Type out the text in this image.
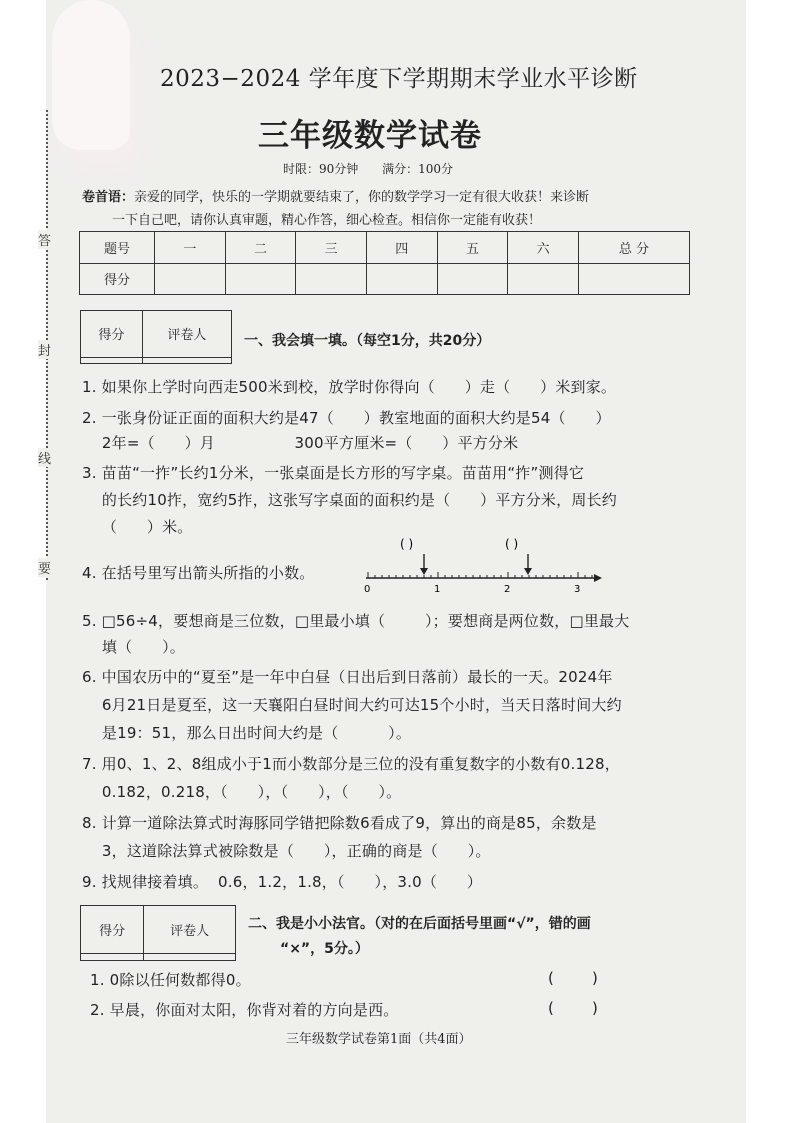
答
封
线
要
2023−2024 学年度下学期期末学业水平诊断
三年级数学试卷
时限：90分钟 满分：100分
卷首语：亲爱的同学，快乐的一学期就要结束了，你的数学学习一定有很大收获！来诊断
一下自己吧，请你认真审题，精心作答，细心检查。相信你一定能有收获！
题号	一	二	三	四	五	六	总 分
得分							
得分	评卷人
		一、我会填一填。（每空1分，共20分）
1. 如果你上学时向西走500米到校，放学时你得向（      ）走（      ）米到家。
2. 一张身份证正面的面积大约是47（      ）教室地面的面积大约是54（      ）
2年=（      ）月                300平方厘米=（      ）平方分米
3. 苗苗“一拃”长约1分米，一张桌面是长方形的写字桌。苗苗用“拃”测得它
的长约10拃，宽约5拃，这张写字桌面的面积约是（      ）平方分米，周长约
（      ）米。
4. 在括号里写出箭头所指的小数。
( )	( )
0	1	2	3
5. □56÷4，要想商是三位数，□里最小填（        ）；要想商是两位数，□里最大
填（      ）。
6. 中国农历中的“夏至”是一年中白昼（日出后到日落前）最长的一天。2024年
6月21日是夏至，这一天襄阳白昼时间大约可达15个小时，当天日落时间大约
是19：51，那么日出时间大约是（          ）。
7. 用0、1、2、8组成小于1而小数部分是三位的没有重复数字的小数有0.128，
0.182，0.218，（      ），（      ），（      ）。
8. 计算一道除法算式时海豚同学错把除数6看成了9，算出的商是85，余数是
3，这道除法算式被除数是（      ），正确的商是（      ）。
9. 找规律接着填。  0.6，1.2，1.8，（      ），3.0（      ）
得分	评卷人
		二、我是小小法官。（对的在后面括号里画“√”，错的画
“×”，5分。）
1. 0除以任何数都得0。	(        )
2. 早晨，你面对太阳，你背对着的方向是西。	(        )
三年级数学试卷第1面（共4面）
